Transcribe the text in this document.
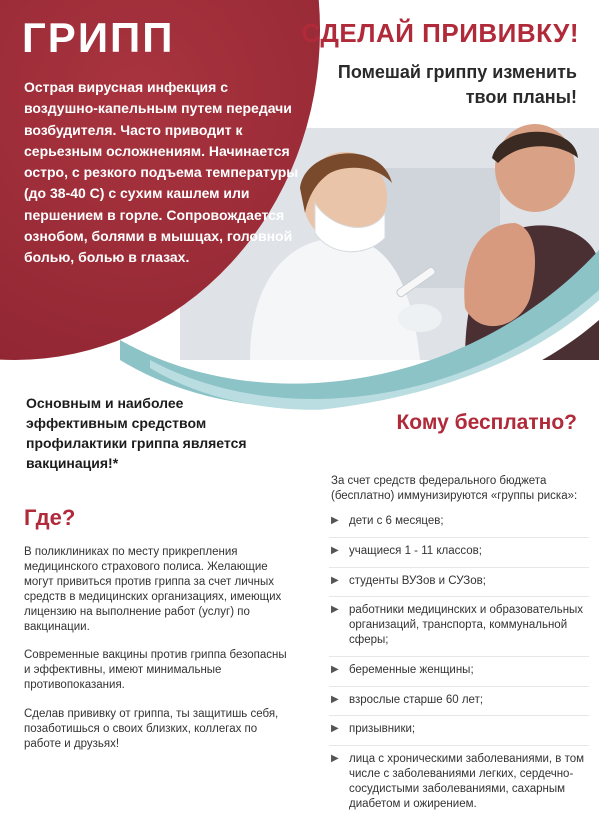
ГРИПП

Острая вирусная инфекция с воздушно-капельным путем передачи возбудителя. Часто приводит к серьезным осложнениям. Начинается остро, с резкого подъема температуры (до 38-40 С) с сухим кашлем или першением в горле. Сопровождается ознобом, болями в мышцах, головной болью, болью в глазах.

СДЕЛАЙ ПРИВИВКУ!

Помешай гриппу изменить твои планы!

Основным и наиболее эффективным средством профилактики гриппа является вакцинация!*

Где?

В поликлиниках по месту прикрепления медицинского страхового полиса. Желающие могут привиться против гриппа за счет личных средств в медицинских организациях, имеющих лицензию на выполнение работ (услуг) по вакцинации.

Современные вакцины против гриппа безопасны и эффективны, имеют минимальные противопоказания.

Сделав прививку от гриппа, ты защитишь себя, позаботишься о своих близких, коллегах по работе и друзьях!

Кому бесплатно?

За счет средств федерального бюджета (бесплатно) иммунизируются «группы риска»:

▶ дети с 6 месяцев;
▶ учащиеся 1 - 11 классов;
▶ студенты ВУЗов и СУЗов;
▶ работники медицинских и образовательных организаций, транспорта, коммунальной сферы;
▶ беременные женщины;
▶ взрослые старше 60 лет;
▶ призывники;
▶ лица с хроническими заболеваниями, в том числе с заболеваниями легких, сердечно-сосудистыми заболеваниями, сахарным диабетом и ожирением.
